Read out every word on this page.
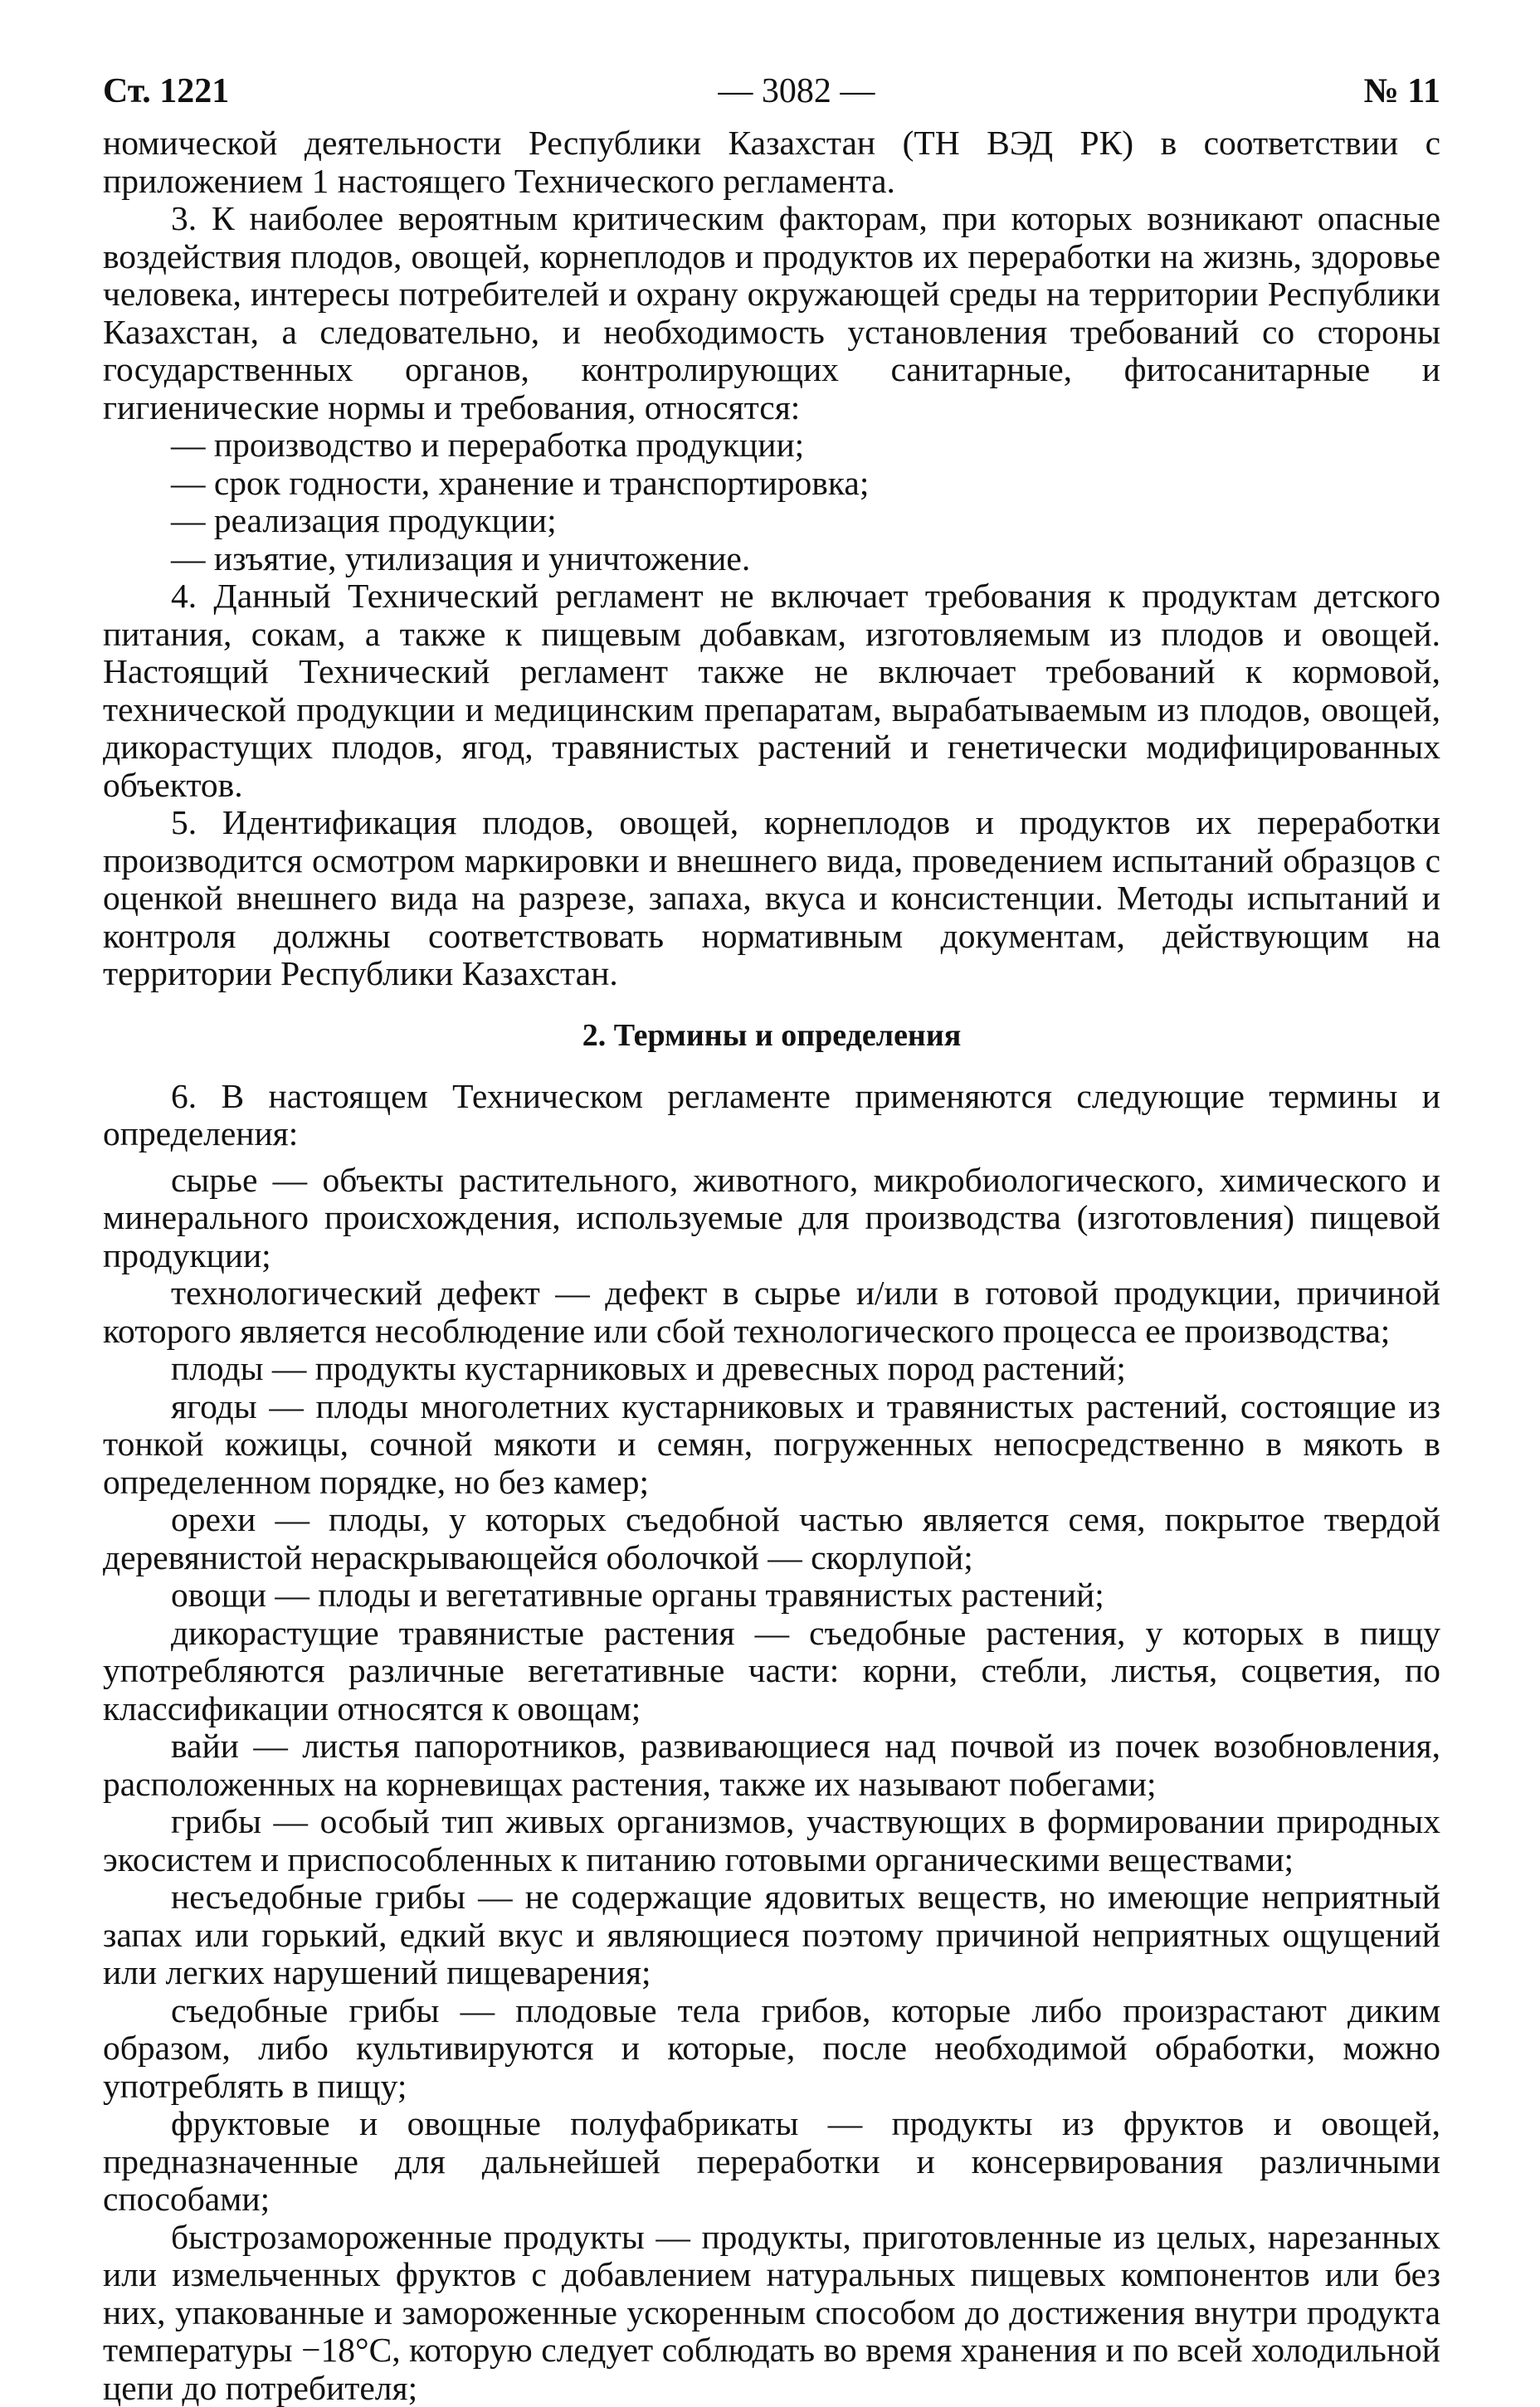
Ст. 1221	— 3082 —	№ 11

номической деятельности Республики Казахстан (ТН ВЭД РК) в соответствии с приложением 1 настоящего Технического регламента.

3. К наиболее вероятным критическим факторам, при которых возникают опасные воздействия плодов, овощей, корнеплодов и продуктов их переработки на жизнь, здоровье человека, интересы потребителей и охрану окружающей среды на территории Республики Казахстан, а следовательно, и необходимость установления требований со стороны государственных органов, контролирующих санитарные, фитосанитарные и гигиенические нормы и требования, относятся:

— производство и переработка продукции;

— срок годности, хранение и транспортировка;

— реализация продукции;

— изъятие, утилизация и уничтожение.

4. Данный Технический регламент не включает требования к продуктам детского питания, сокам, а также к пищевым добавкам, изготовляемым из плодов и овощей. Настоящий Технический регламент также не включает требований к кормовой, технической продукции и медицинским препаратам, вырабатываемым из плодов, овощей, дикорастущих плодов, ягод, травянистых растений и генетически модифицированных объектов.

5. Идентификация плодов, овощей, корнеплодов и продуктов их переработки производится осмотром маркировки и внешнего вида, проведением испытаний образцов с оценкой внешнего вида на разрезе, запаха, вкуса и консистенции. Методы испытаний и контроля должны соответствовать нормативным документам, действующим на территории Республики Казахстан.

2. Термины и определения

6. В настоящем Техническом регламенте применяются следующие термины и определения:

сырье — объекты растительного, животного, микробиологического, химического и минерального происхождения, используемые для производства (изготовления) пищевой продукции;

технологический дефект — дефект в сырье и/или в готовой продукции, причиной которого является несоблюдение или сбой технологического процесса ее производства;

плоды — продукты кустарниковых и древесных пород растений;

ягоды — плоды многолетних кустарниковых и травянистых растений, состоящие из тонкой кожицы, сочной мякоти и семян, погруженных непосредственно в мякоть в определенном порядке, но без камер;

орехи — плоды, у которых съедобной частью является семя, покрытое твердой деревянистой нераскрывающейся оболочкой — скорлупой;

овощи — плоды и вегетативные органы травянистых растений;

дикорастущие травянистые растения — съедобные растения, у которых в пищу употребляются различные вегетативные части: корни, стебли, листья, соцветия, по классификации относятся к овощам;

вайи — листья папоротников, развивающиеся над почвой из почек возобновления, расположенных на корневищах растения, также их называют побегами;

грибы — особый тип живых организмов, участвующих в формировании природных экосистем и приспособленных к питанию готовыми органическими веществами;

несъедобные грибы — не содержащие ядовитых веществ, но имеющие неприятный запах или горький, едкий вкус и являющиеся поэтому причиной неприятных ощущений или легких нарушений пищеварения;

съедобные грибы — плодовые тела грибов, которые либо произрастают диким образом, либо культивируются и которые, после необходимой обработки, можно употреблять в пищу;

фруктовые и овощные полуфабрикаты — продукты из фруктов и овощей, предназначенные для дальнейшей переработки и консервирования различными способами;

быстрозамороженные продукты — продукты, приготовленные из целых, нарезанных или измельченных фруктов с добавлением натуральных пищевых компонентов или без них, упакованные и замороженные ускоренным способом до достижения внутри продукта температуры −18°С, которую следует соблюдать во время хранения и по всей холодильной цепи до потребителя;
